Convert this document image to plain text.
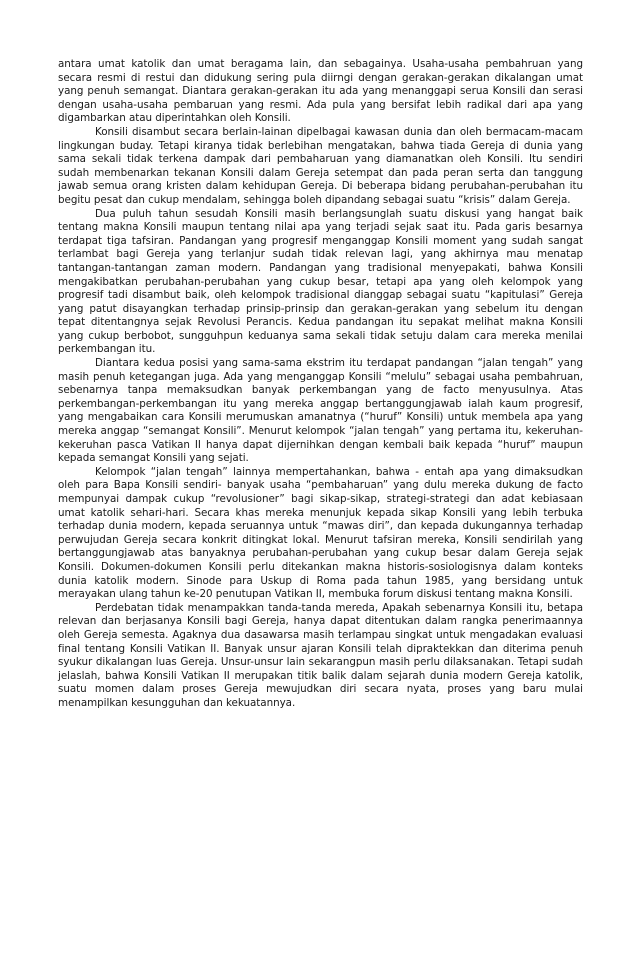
antara umat katolik dan umat beragama lain, dan sebagainya. Usaha-usaha pembahruan yang secara resmi di restui dan didukung sering pula diirngi dengan gerakan-gerakan dikalangan umat yang penuh semangat. Diantara gerakan-gerakan itu ada yang menanggapi serua Konsili dan serasi dengan usaha-usaha pembaruan yang resmi. Ada pula yang bersifat lebih radikal dari apa yang digambarkan atau diperintahkan oleh Konsili.

Konsili disambut secara berlain-lainan dipelbagai kawasan dunia dan oleh bermacam-macam lingkungan buday. Tetapi kiranya tidak berlebihan mengatakan, bahwa tiada Gereja di dunia yang sama sekali tidak terkena dampak dari pembaharuan yang diamanatkan oleh Konsili. Itu sendiri sudah membenarkan tekanan Konsili dalam Gereja setempat dan pada peran serta dan tanggung jawab semua orang kristen dalam kehidupan Gereja. Di beberapa bidang perubahan-perubahan itu begitu pesat dan cukup mendalam, sehingga boleh dipandang sebagai suatu “krisis” dalam Gereja.

Dua puluh tahun sesudah Konsili masih berlangsunglah suatu diskusi yang hangat baik tentang makna Konsili maupun tentang nilai apa yang terjadi sejak saat itu. Pada garis besarnya terdapat tiga tafsiran. Pandangan yang progresif menganggap Konsili moment yang sudah sangat terlambat bagi Gereja yang terlanjur sudah tidak relevan lagi, yang akhirnya mau menatap tantangan-tantangan zaman modern. Pandangan yang tradisional menyepakati, bahwa Konsili mengakibatkan perubahan-perubahan yang cukup besar, tetapi apa yang oleh kelompok yang progresif tadi disambut baik, oleh kelompok tradisional dianggap sebagai suatu “kapitulasi” Gereja yang patut disayangkan terhadap prinsip-prinsip dan gerakan-gerakan yang sebelum itu dengan tepat ditentangnya sejak Revolusi Perancis. Kedua pandangan itu sepakat melihat makna Konsili yang cukup berbobot, sungguhpun keduanya sama sekali tidak setuju dalam cara mereka menilai perkembangan itu.

Diantara kedua posisi yang sama-sama ekstrim itu terdapat pandangan “jalan tengah” yang masih penuh ketegangan juga. Ada yang menganggap Konsili “melulu” sebagai usaha pembahruan, sebenarnya tanpa memaksudkan banyak perkembangan yang de facto menyusulnya. Atas perkembangan-perkembangan itu yang mereka anggap bertanggungjawab ialah kaum progresif, yang mengabaikan cara Konsili merumuskan amanatnya (“huruf” Konsili) untuk membela apa yang mereka anggap “semangat Konsili”. Menurut kelompok “jalan tengah” yang pertama itu, kekeruhan-kekeruhan pasca Vatikan II hanya dapat dijernihkan dengan kembali baik kepada “huruf” maupun kepada semangat Konsili yang sejati.

Kelompok “jalan tengah” lainnya mempertahankan, bahwa - entah apa yang dimaksudkan oleh para Bapa Konsili sendiri- banyak usaha “pembaharuan” yang dulu mereka dukung de facto mempunyai dampak cukup “revolusioner” bagi sikap-sikap, strategi-strategi dan adat kebiasaan umat katolik sehari-hari. Secara khas mereka menunjuk kepada sikap Konsili yang lebih terbuka terhadap dunia modern, kepada seruannya untuk “mawas diri”, dan kepada dukungannya terhadap perwujudan Gereja secara konkrit ditingkat lokal. Menurut tafsiran mereka, Konsili sendirilah yang bertanggungjawab atas banyaknya perubahan-perubahan yang cukup besar dalam Gereja sejak Konsili. Dokumen-dokumen Konsili perlu ditekankan makna historis-sosiologisnya dalam konteks dunia katolik modern. Sinode para Uskup di Roma pada tahun 1985, yang bersidang untuk merayakan ulang tahun ke-20 penutupan Vatikan II, membuka forum diskusi tentang makna Konsili.

Perdebatan tidak menampakkan tanda-tanda mereda, Apakah sebenarnya Konsili itu, betapa relevan dan berjasanya Konsili bagi Gereja, hanya dapat ditentukan dalam rangka penerimaannya oleh Gereja semesta. Agaknya dua dasawarsa masih terlampau singkat untuk mengadakan evaluasi final tentang Konsili Vatikan II. Banyak unsur ajaran Konsili telah dipraktekkan dan diterima penuh syukur dikalangan luas Gereja. Unsur-unsur lain sekarangpun masih perlu dilaksanakan. Tetapi sudah jelaslah, bahwa Konsili Vatikan II merupakan titik balik dalam sejarah dunia modern Gereja katolik, suatu momen dalam proses Gereja mewujudkan diri secara nyata, proses yang baru mulai menampilkan kesungguhan dan kekuatannya.
